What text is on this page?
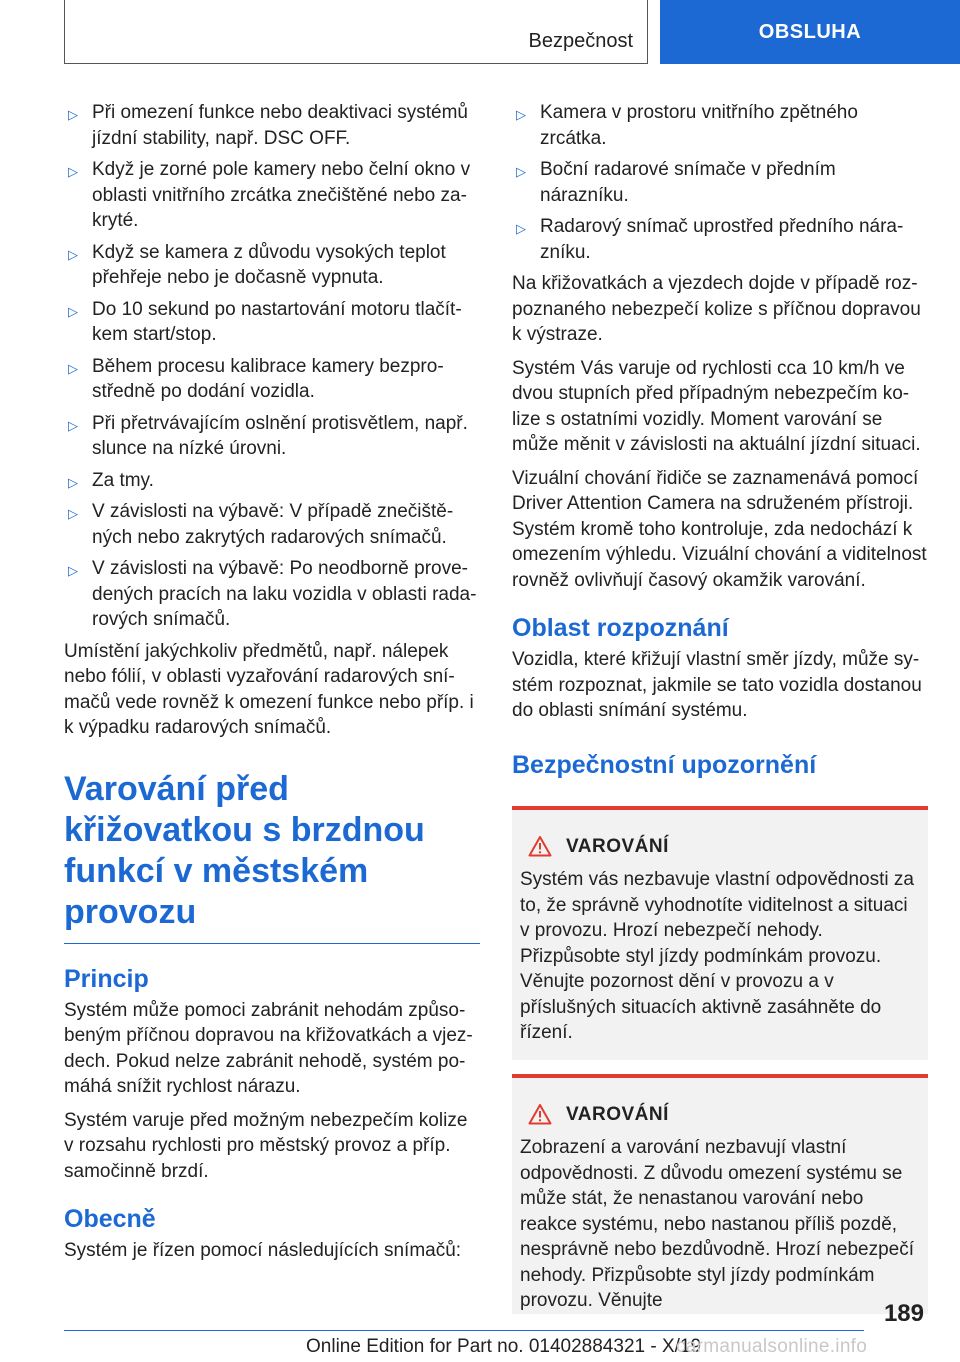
Bezpečnost	OBSLUHA
▷ Při omezení funkce nebo deaktivaci systémů jízdní stability, např. DSC OFF.
▷ Když je zorné pole kamery nebo čelní okno v oblasti vnitřního zrcátka znečištěné nebo zakryté.
▷ Když se kamera z důvodu vysokých teplot přehřeje nebo je dočasně vypnuta.
▷ Do 10 sekund po nastartování motoru tlačítkem start/stop.
▷ Během procesu kalibrace kamery bezprostředně po dodání vozidla.
▷ Při přetrvávajícím oslnění protisvětlem, např. slunce na nízké úrovni.
▷ Za tmy.
▷ V závislosti na výbavě: V případě znečištěných nebo zakrytých radarových snímačů.
▷ V závislosti na výbavě: Po neodborně provedených pracích na laku vozidla v oblasti radarových snímačů.

Umístění jakýchkoliv předmětů, např. nálepek nebo fólií, v oblasti vyzařování radarových snímačů vede rovněž k omezení funkce nebo příp. i k výpadku radarových snímačů.

Varování před křižovatkou s brzdnou funkcí v městském provozu
Princip

Systém může pomoci zabránit nehodám způsobeným příčnou dopravou na křižovatkách a vjezdech. Pokud nelze zabránit nehodě, systém pomáhá snížit rychlost nárazu.

Systém varuje před možným nebezpečím kolize v rozsahu rychlosti pro městský provoz a příp. samočinně brzdí.

Obecně

Systém je řízen pomocí následujících snímačů:

▷ Kamera v prostoru vnitřního zpětného zrcátka.
▷ Boční radarové snímače v předním nárazníku.
▷ Radarový snímač uprostřed předního nárazníku.

Na křižovatkách a vjezdech dojde v případě rozpoznaného nebezpečí kolize s příčnou dopravou k výstraze.

Systém Vás varuje od rychlosti cca 10 km/h ve dvou stupních před případným nebezpečím kolize s ostatními vozidly. Moment varování se může měnit v závislosti na aktuální jízdní situaci.

Vizuální chování řidiče se zaznamenává pomocí Driver Attention Camera na sdruženém přístroji. Systém kromě toho kontroluje, zda nedochází k omezením výhledu. Vizuální chování a viditelnost rovněž ovlivňují časový okamžik varování.

Oblast rozpoznání

Vozidla, které křižují vlastní směr jízdy, může systém rozpoznat, jakmile se tato vozidla dostanou do oblasti snímání systému.

Bezpečnostní upozornění
VAROVÁNÍ
Systém vás nezbavuje vlastní odpovědnosti za to, že správně vyhodnotíte viditelnost a situaci v provozu. Hrozí nebezpečí nehody. Přizpůsobte styl jízdy podmínkám provozu. Věnujte pozornost dění v provozu a v příslušných situacích aktivně zasáhněte do řízení.
VAROVÁNÍ
Zobrazení a varování nezbavují vlastní odpovědnosti. Z důvodu omezení systému se může stát, že nenastanou varování nebo reakce systému, nebo nastanou příliš pozdě, nesprávně nebo bezdůvodně. Hrozí nebezpečí nehody. Přizpůsobte styl jízdy podmínkám provozu. Věnujte	189
Online Edition for Part no. 01402884321 - X/19
carmanualsonline.info
